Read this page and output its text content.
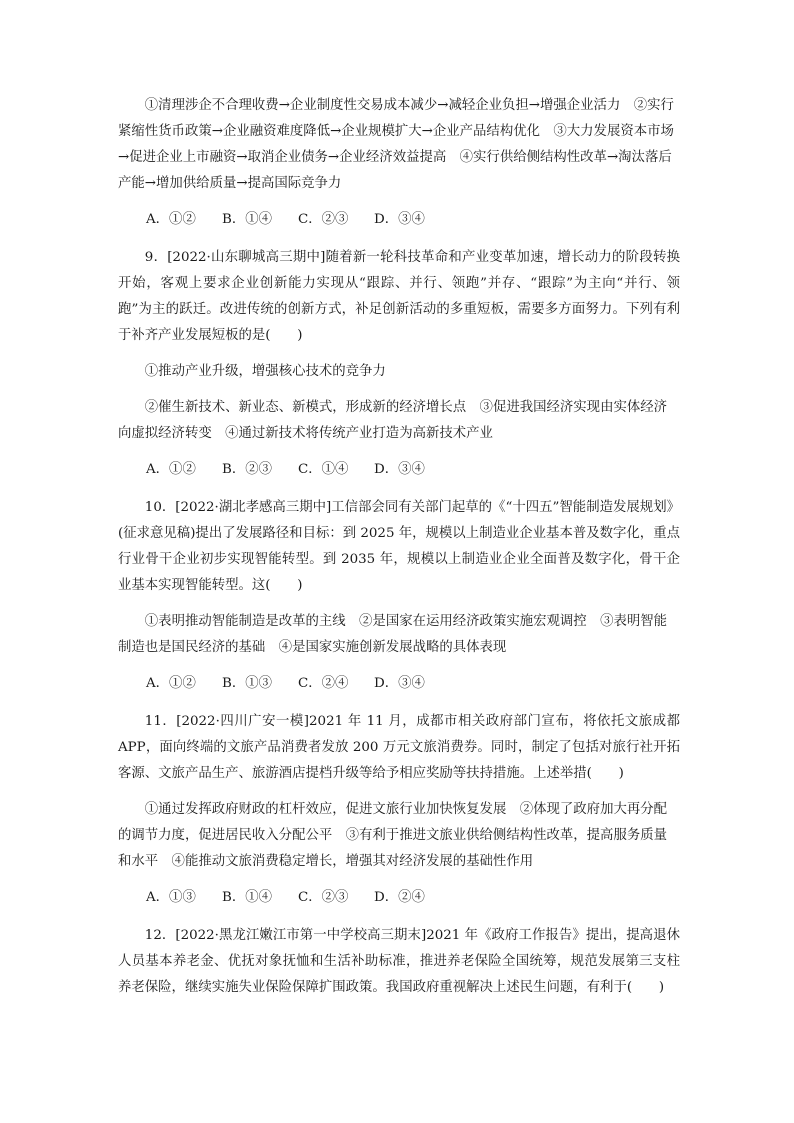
①清理涉企不合理收费→企业制度性交易成本减少→减轻企业负担→增强企业活力　②实行紧缩性货币政策→企业融资难度降低→企业规模扩大→企业产品结构优化　③大力发展资本市场→促进企业上市融资→取消企业债务→企业经济效益提高　④实行供给侧结构性改革→淘汰落后产能→增加供给质量→提高国际竞争力

A．①②	B．①④	C．②③	D．③④

9．[2022·山东聊城高三期中]随着新一轮科技革命和产业变革加速，增长动力的阶段转换开始，客观上要求企业创新能力实现从“跟踪、并行、领跑”并存、“跟踪”为主向“并行、领跑”为主的跃迁。改进传统的创新方式，补足创新活动的多重短板，需要多方面努力。下列有利于补齐产业发展短板的是(　　)

①推动产业升级，增强核心技术的竞争力

②催生新技术、新业态、新模式，形成新的经济增长点　③促进我国经济实现由实体经济向虚拟经济转变　④通过新技术将传统产业打造为高新技术产业

A．①②	B．②③	C．①④	D．③④

10．[2022·湖北孝感高三期中]工信部会同有关部门起草的《“十四五”智能制造发展规划》(征求意见稿)提出了发展路径和目标：到 2025 年，规模以上制造业企业基本普及数字化，重点行业骨干企业初步实现智能转型。到 2035 年，规模以上制造业企业全面普及数字化，骨干企业基本实现智能转型。这(　　)

①表明推动智能制造是改革的主线　②是国家在运用经济政策实施宏观调控　③表明智能制造也是国民经济的基础　④是国家实施创新发展战略的具体表现

A．①②	B．①③	C．②④	D．③④

11．[2022·四川广安一模]2021 年 11 月，成都市相关政府部门宣布，将依托文旅成都APP，面向终端的文旅产品消费者发放 200 万元文旅消费券。同时，制定了包括对旅行社开拓客源、文旅产品生产、旅游酒店提档升级等给予相应奖励等扶持措施。上述举措(　　)

①通过发挥政府财政的杠杆效应，促进文旅行业加快恢复发展　②体现了政府加大再分配的调节力度，促进居民收入分配公平　③有利于推进文旅业供给侧结构性改革，提高服务质量和水平　④能推动文旅消费稳定增长，增强其对经济发展的基础性作用

A．①③	B．①④	C．②③	D．②④

12．[2022·黑龙江嫩江市第一中学校高三期末]2021 年《政府工作报告》提出，提高退休人员基本养老金、优抚对象抚恤和生活补助标准，推进养老保险全国统筹，规范发展第三支柱养老保险，继续实施失业保险保障扩围政策。我国政府重视解决上述民生问题，有利于(　　)
